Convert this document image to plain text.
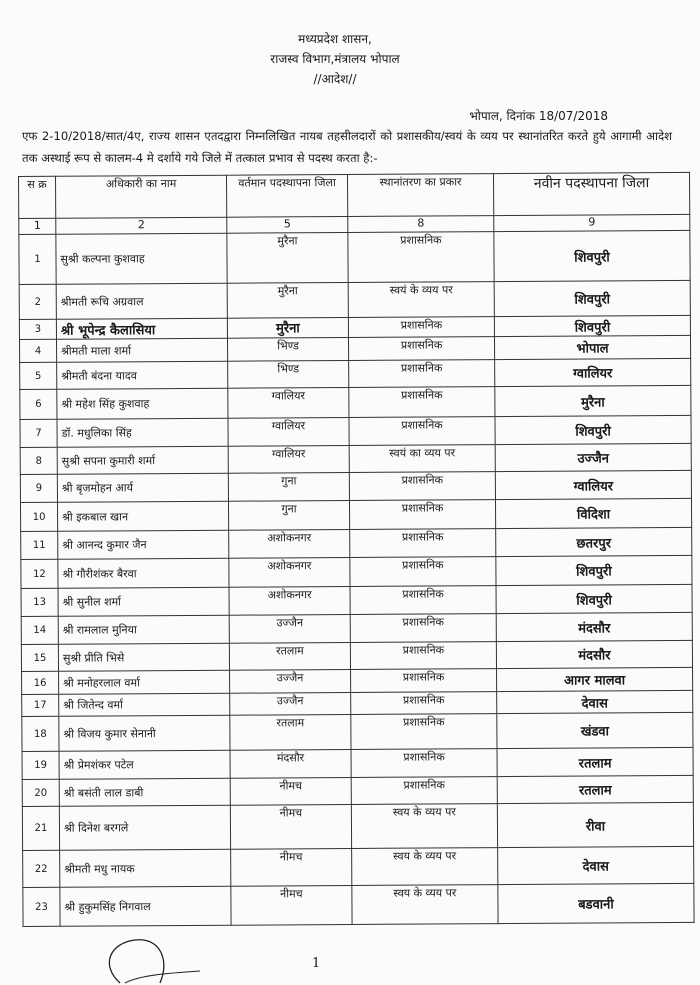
मध्यप्रदेश शासन,
राजस्व विभाग,मंत्रालय भोपाल
//आदेश//
भोपाल, दिनांक 18/07/2018
एफ 2-10/2018/सात/4ए, राज्य शासन एतदद्वारा निम्नलिखित नायब तहसीलदारों को प्रशासकीय/स्वयं के व्यय पर स्थानांतरित करते हुये आगामी आदेश तक अस्थाई रूप से कालम-4 मे दर्शाये गये जिले में तत्काल प्रभाव से पदस्थ करता है:-
स क्र	अधिकारी का नाम	वर्तमान पदस्थापना जिला	स्थानांतरण का प्रकार	नवीन पदस्थापना जिला
1	2	5	8	9
1	सुश्री कल्पना कुशवाह	मुरैना	प्रशासनिक	शिवपुरी
2	श्रीमती रूचि अग्रवाल	मुरैना	स्वयं के व्यय पर	शिवपुरी
3	श्री भूपेन्द्र कैलासिया	मुरैना	प्रशासनिक	शिवपुरी
4	श्रीमती माला शर्मा	भिण्ड	प्रशासनिक	भोपाल
5	श्रीमती बंदना यादव	भिण्ड	प्रशासनिक	ग्वालियर
6	श्री महेश सिंह कुशवाह	ग्वालियर	प्रशासनिक	मुरैना
7	डॉ. मधुलिका सिंह	ग्वालियर	प्रशासनिक	शिवपुरी
8	सुश्री सपना कुमारी शर्मा	ग्वालियर	स्वयं का व्यय पर	उज्जैन
9	श्री बृजमोहन आर्य	गुना	प्रशासनिक	ग्वालियर
10	श्री इकबाल खान	गुना	प्रशासनिक	विदिशा
11	श्री आनन्द कुमार जैन	अशोकनगर	प्रशासनिक	छतरपुर
12	श्री गौरीशंकर बैरवा	अशोकनगर	प्रशासनिक	शिवपुरी
13	श्री सुनील शर्मा	अशोकनगर	प्रशासनिक	शिवपुरी
14	श्री रामलाल मुनिया	उज्जैन	प्रशासनिक	मंदसौर
15	सुश्री प्रीति भिसे	रतलाम	प्रशासनिक	मंदसौर
16	श्री मनोहरलाल वर्मा	उज्जैन	प्रशासनिक	आगर मालवा
17	श्री जितेन्द वर्मा	उज्जैन	प्रशासनिक	देवास
18	श्री विजय कुमार सेनानी	रतलाम	प्रशासनिक	खंडवा
19	श्री प्रेमशंकर पटेल	मंदसौर	प्रशासनिक	रतलाम
20	श्री बसंती लाल डाबी	नीमच	प्रशासनिक	रतलाम
21	श्री दिनेश बरगले	नीमच	स्वय के व्यय पर	रीवा
22	श्रीमती मधु नायक	नीमच	स्वय के व्यय पर	देवास
23	श्री हुकुमसिंह निगवाल	नीमच	स्वय के व्यय पर	बडवानी
1
